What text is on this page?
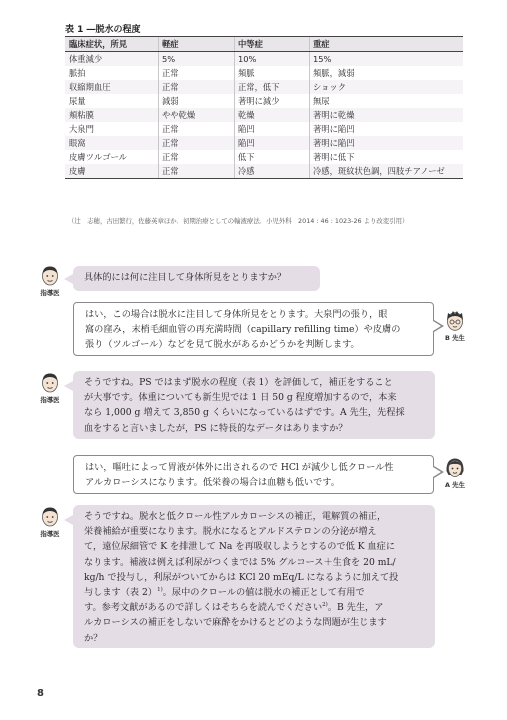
表 1 ―脱水の程度
臨床症状，所見	軽症	中等症	重症
体重減少	5%	10%	15%
脈拍	正常	頻脈	頻脈，減弱
収縮期血圧	正常	正常，低下	ショック
尿量	減弱	著明に減少	無尿
頬粘膜	やや乾燥	乾燥	著明に乾燥
大泉門	正常	陥凹	著明に陥凹
眼窩	正常	陥凹	著明に陥凹
皮膚ツルゴール	正常	低下	著明に低下
皮膚	正常	冷感	冷感，斑紋状色調，四肢チアノーゼ
（辻　志穂，古田繁行，佐藤英章ほか．初期治療としての輸液療法．小児外科　2014 : 46 : 1023-26 より改変引用）
指導医
具体的には何に注目して身体所見をとりますか？
はい，この場合は脱水に注目して身体所見をとります。大泉門の張り，眼
窩の窪み，末梢毛細血管の再充満時間（capillary refilling time）や皮膚の
張り（ツルゴール）などを見て脱水があるかどうかを判断します。
B 先生
指導医
そうですね。PS ではまず脱水の程度（表 1）を評価して，補正をすること
が大事です。体重についても新生児では 1 日 50 g 程度増加するので，本来
なら 1,000 g 増えて 3,850 g くらいになっているはずです。A 先生，先程採
血をすると言いましたが，PS に特長的なデータはありますか？
はい，嘔吐によって胃液が体外に出されるので HCl が減少し低クロール性
アルカローシスになります。低栄養の場合は血糖も低いです。	A 先生
指導医
そうですね。脱水と低クロール性アルカローシスの補正，電解質の補正，
栄養補給が重要になります。脱水になるとアルドステロンの分泌が増え
て，遠位尿細管で K を排泄して Na を再吸収しようとするので低 K 血症に
なります。補液は例えば利尿がつくまでは 5% グルコース＋生食を 20 mL/
kg/h で投与し，利尿がついてからは KCl 20 mEq/L になるように加えて投
与します（表 2）$^{1)}$。尿中のクロールの値は脱水の補正として有用で
す。参考文献があるので詳しくはそちらを読んでください$^{2)}$。B 先生，ア
ルカローシスの補正をしないで麻酔をかけるとどのような問題が生じます
か？
8
